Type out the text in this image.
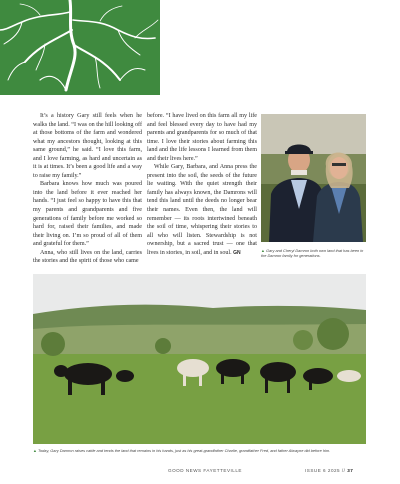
It’s a history Gary still feels when he walks the land. “I was on the hill looking off at those bottoms of the farm and wondered what my ancestors thought, looking at this same ground,” he said. “I love this farm, and I love farming, as hard and uncertain as it is at times. It’s been a good life and a way to raise my family.”

Barbara knows how much was poured into the land before it ever reached her hands. “I just feel so happy to have this that my parents and grandparents and five generations of family before me worked so hard for, raised their families, and made their living on. I’m so proud of all of them and grateful for them.”

Anna, who still lives on the land, carries the stories and the spirit of those who came

before. “I have lived on this farm all my life and feel blessed every day to have had my parents and grandparents for so much of that time. I love their stories about farming this land and the life lessons I learned from them and their lives here.”

While Gary, Barbara, and Anna press the present into the soil, the seeds of the future lie waiting. With the quiet strength their family has always known, the Damrons will tend this land until the deeds no longer bear their names. Even then, the land will remember — its roots intertwined beneath the soil of time, whispering their stories to all who will listen. Stewardship is not ownership, but a sacred trust — one that lives in stories, in soil, and in soul. GN	▲ Gary and Cheryl Damron both own land that has been in the Damron family for generations.
▲ Today, Gary Damron raises cattle and tends the land that remains in his hands, just as his great-grandfather Charlie, grandfather Fred, and father Alwayne did before him.
GOOD NEWS FAYETTEVILLE	ISSUE 6 2025 // 37
